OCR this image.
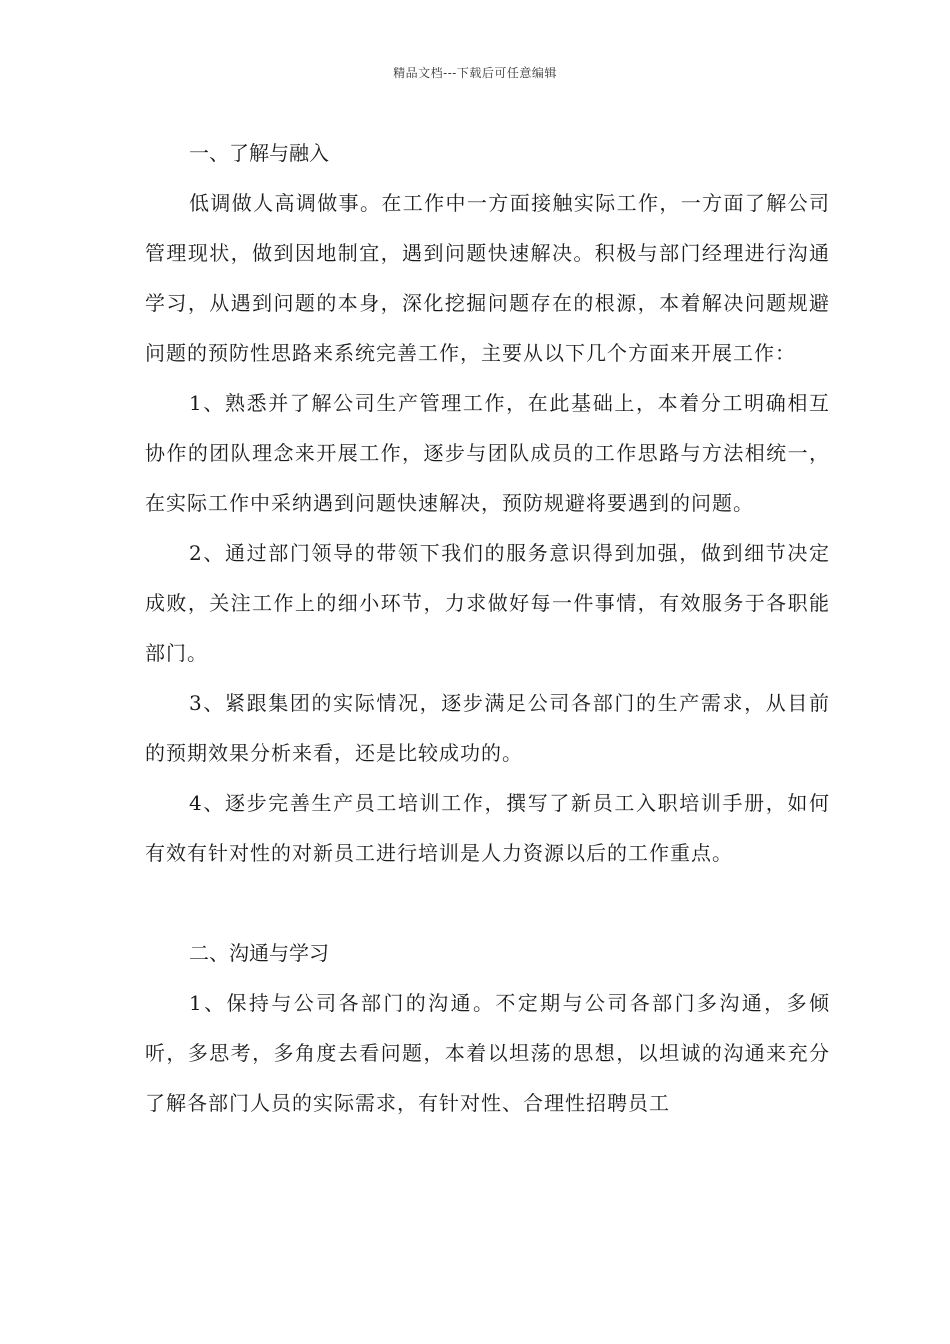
精品文档---下载后可任意编辑
一、了解与融入

低调做人高调做事。在工作中一方面接触实际工作，一方面了解公司管理现状，做到因地制宜，遇到问题快速解决。积极与部门经理进行沟通学习，从遇到问题的本身，深化挖掘问题存在的根源，本着解决问题规避问题的预防性思路来系统完善工作，主要从以下几个方面来开展工作：

1、熟悉并了解公司生产管理工作，在此基础上，本着分工明确相互协作的团队理念来开展工作，逐步与团队成员的工作思路与方法相统一，在实际工作中采纳遇到问题快速解决，预防规避将要遇到的问题。

2、通过部门领导的带领下我们的服务意识得到加强，做到细节决定成败，关注工作上的细小环节，力求做好每一件事情，有效服务于各职能部门。

3、紧跟集团的实际情况，逐步满足公司各部门的生产需求，从目前的预期效果分析来看，还是比较成功的。

4、逐步完善生产员工培训工作，撰写了新员工入职培训手册，如何有效有针对性的对新员工进行培训是人力资源以后的工作重点。

二、沟通与学习

1、保持与公司各部门的沟通。不定期与公司各部门多沟通，多倾听，多思考，多角度去看问题，本着以坦荡的思想，以坦诚的沟通来充分了解各部门人员的实际需求，有针对性、合理性招聘员工
